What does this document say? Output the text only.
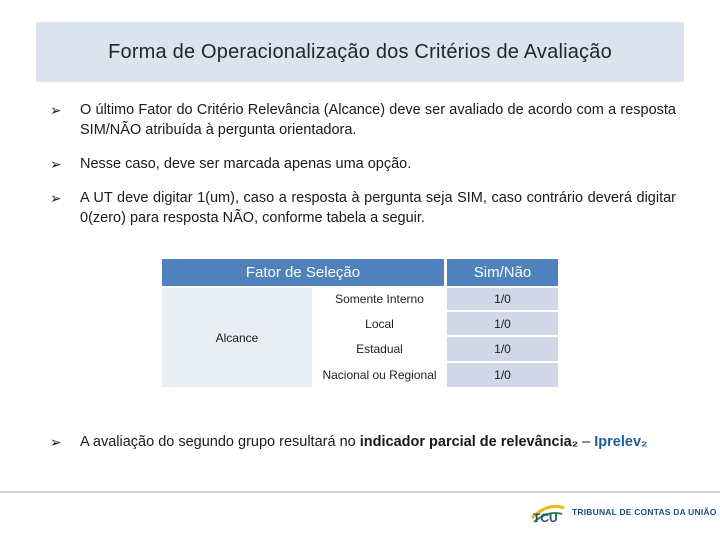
Forma de Operacionalização dos Critérios de Avaliação
➢	O último Fator do Critério Relevância (Alcance) deve ser avaliado de acordo com a resposta SIM/NÃO atribuída à pergunta orientadora.
➢	Nesse caso, deve ser marcada apenas uma opção.
➢	A UT deve digitar 1(um), caso a resposta à pergunta seja SIM, caso contrário deverá digitar 0(zero) para resposta NÃO, conforme tabela a seguir.
Fator de Seleção	Sim/Não
Alcance
Somente Interno	1/0
Local	1/0
Estadual	1/0
Nacional ou Regional	1/0
➢	A avaliação do segundo grupo resultará no indicador parcial de relevância₂ – Iprelev₂
TCU TRIBUNAL DE CONTAS DA UNIÃO
